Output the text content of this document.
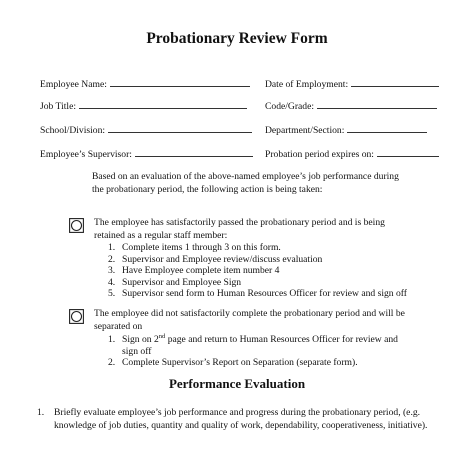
Probationary Review Form
Employee Name:	Date of Employment:
Job Title:	Code/Grade:
School/Division:	Department/Section:
Employee’s Supervisor:	Probation period expires on:
Based on an evaluation of the above-named employee’s job performance during
the probationary period, the following action is being taken:
The employee has satisfactorily passed the probationary period and is being
retained as a regular staff member:
1. Complete items 1 through 3 on this form.
2. Supervisor and Employee review/discuss evaluation
3. Have Employee complete item number 4
4. Supervisor and Employee Sign
5. Supervisor send form to Human Resources Officer for review and sign off
The employee did not satisfactorily complete the probationary period and will be
separated on
1. Sign on 2nd page and return to Human Resources Officer for review and
sign off
2. Complete Supervisor’s Report on Separation (separate form).
Performance Evaluation
1. Briefly evaluate employee’s job performance and progress during the probationary period, (e.g.
knowledge of job duties, quantity and quality of work, dependability, cooperativeness, initiative).
